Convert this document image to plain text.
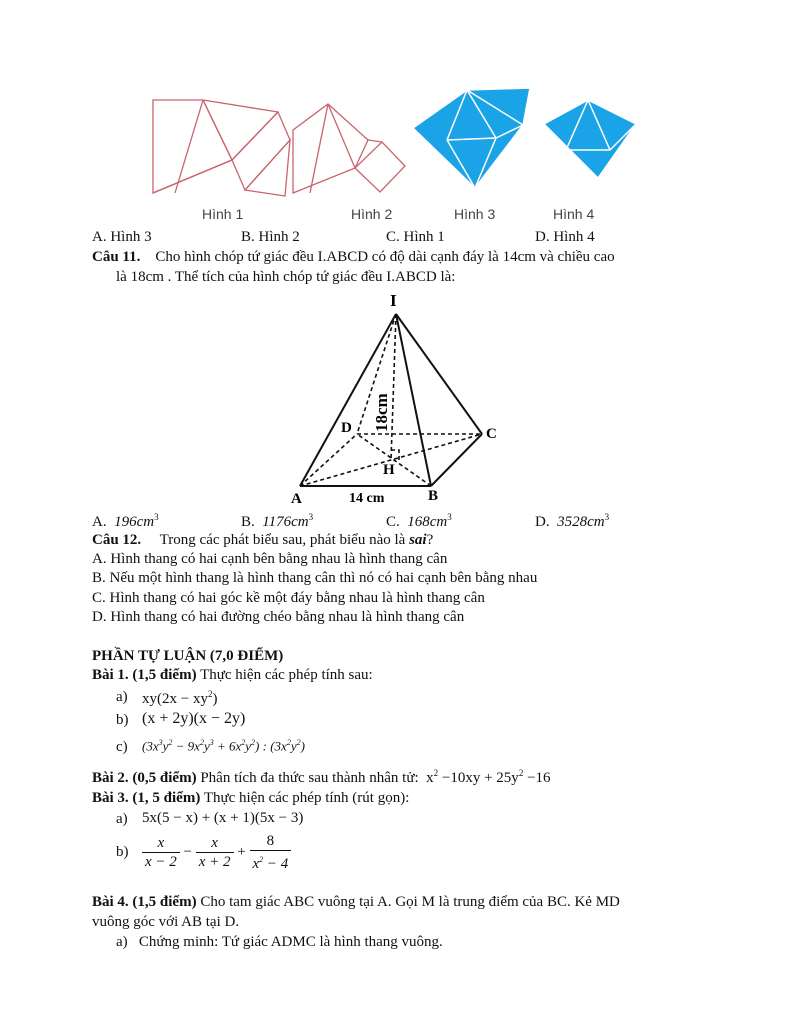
Hình 1	Hình 2	Hình 3	Hình 4
A. Hình 3	B. Hình 2	C. Hình 1	D. Hình 4
Câu 11. Cho hình chóp tứ giác đều I.ABCD có độ dài cạnh đáy là 14cm và chiều cao
là 18cm . Thể tích của hình chóp tứ giác đều I.ABCD là:
I
A	B
C
D
H
18cm
14 cm
A. $196cm^3$	B. $1176cm^3$	C. $168cm^3$	D. $3528cm^3$
Câu 12. Trong các phát biểu sau, phát biểu nào là sai?
A. Hình thang có hai cạnh bên bằng nhau là hình thang cân
B. Nếu một hình thang là hình thang cân thì nó có hai cạnh bên bằng nhau
C. Hình thang có hai góc kề một đáy bằng nhau là hình thang cân
D. Hình thang có hai đường chéo bằng nhau là hình thang cân
PHẦN TỰ LUẬN (7,0 ĐIỂM)
Bài 1. (1,5 điểm) Thực hiện các phép tính sau:
a) $xy(2x - xy^2)$
b) (x + 2y)(x − 2y)
c) $(3x^3y^2 - 9x^2y^3 + 6x^2y^2)$ : $(3x^2y^2)$
Bài 2. (0,5 điểm) Phân tích đa thức sau thành nhân tử:  $x^2 -10xy + 25y^2 -16$
Bài 3. (1, 5 điểm) Thực hiện các phép tính (rút gọn):
a) 5x(5 − x) + (x + 1)(5x − 3)
$b) \frac{x}{x - 2} - \frac{x}{x + 2} + \frac{8}{x^2 - 4}$
Bài 4. (1,5 điểm) Cho tam giác ABC vuông tại A. Gọi M là trung điểm của BC. Kẻ MD
vuông góc với AB tại D.
a) Chứng minh: Tứ giác ADMC là hình thang vuông.
